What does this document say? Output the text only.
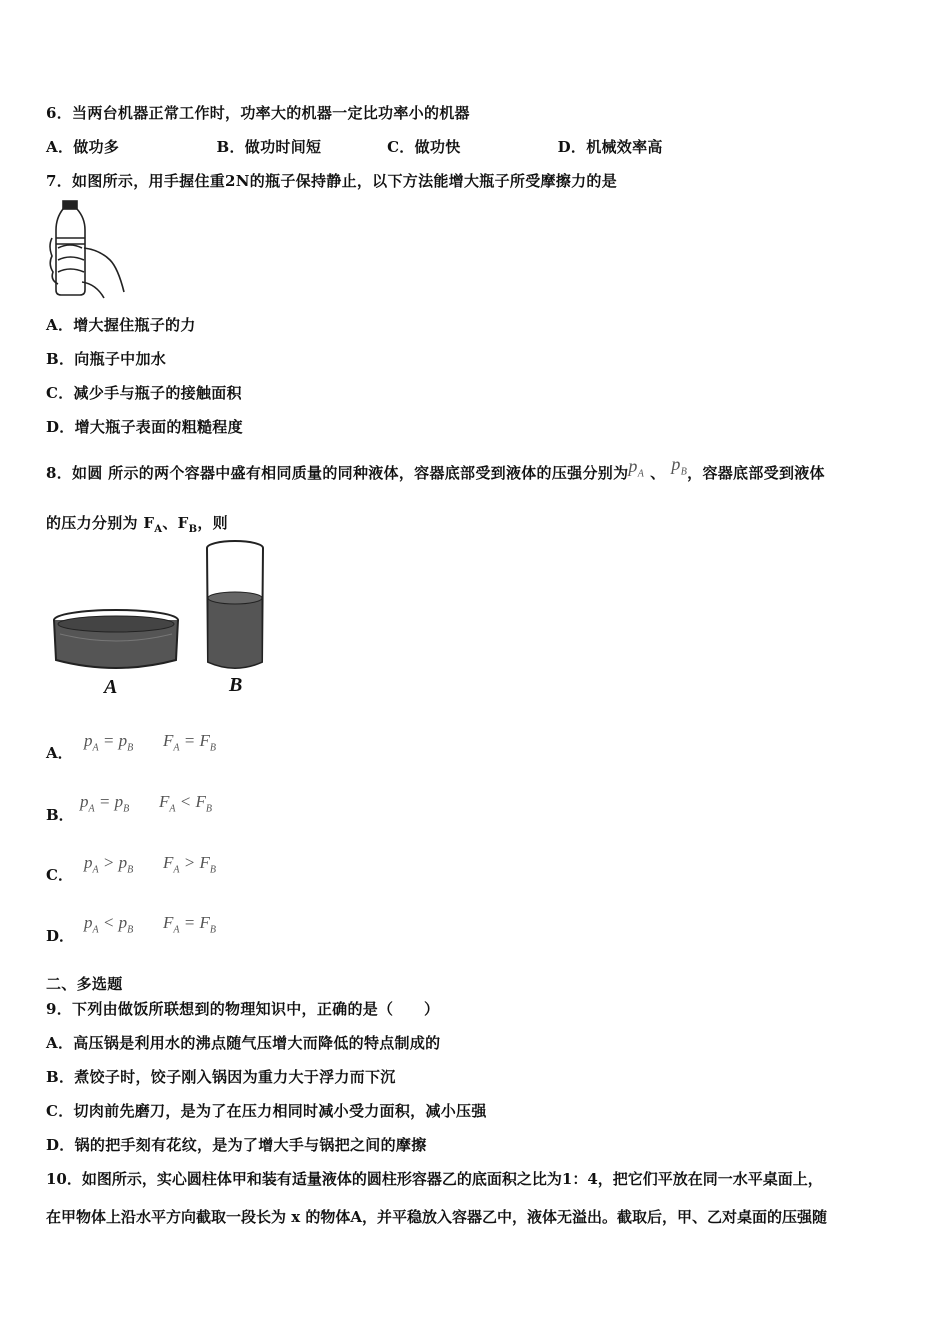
6．当两台机器正常工作时，功率大的机器一定比功率小的机器
A．做功多	B．做功时间短	C．做功快	D．机械效率高
7．如图所示，用手握住重2N的瓶子保持静止，以下方法能增大瓶子所受摩擦力的是
A．增大握住瓶子的力
B．向瓶子中加水
C．减少手与瓶子的接触面积
D．增大瓶子表面的粗糙程度
8．如圆 所示的两个容器中盛有相同质量的同种液体，容器底部受到液体的压强分别为$p_A$ 、 $p_B$，容器底部受到液体
的压力分别为 $F_A$、$F_B$，则
A	B
A．
$p_A = p_B$       $F_A = F_B$
B．
$p_A = p_B$       $F_A < F_B$
C．
$p_A > p_B$       $F_A > F_B$
D．
$p_A < p_B$       $F_A = F_B$
二、多选题
9．下列由做饭所联想到的物理知识中，正确的是（　　）
A．高压锅是利用水的沸点随气压增大而降低的特点制成的
B．煮饺子时，饺子刚入锅因为重力大于浮力而下沉
C．切肉前先磨刀，是为了在压力相同时减小受力面积，减小压强
D．锅的把手刻有花纹，是为了增大手与锅把之间的摩擦
10．如图所示，实心圆柱体甲和装有适量液体的圆柱形容器乙的底面积之比为1：4，把它们平放在同一水平桌面上，
在甲物体上沿水平方向截取一段长为 x 的物体A，并平稳放入容器乙中，液体无溢出。截取后，甲、乙对桌面的压强随
